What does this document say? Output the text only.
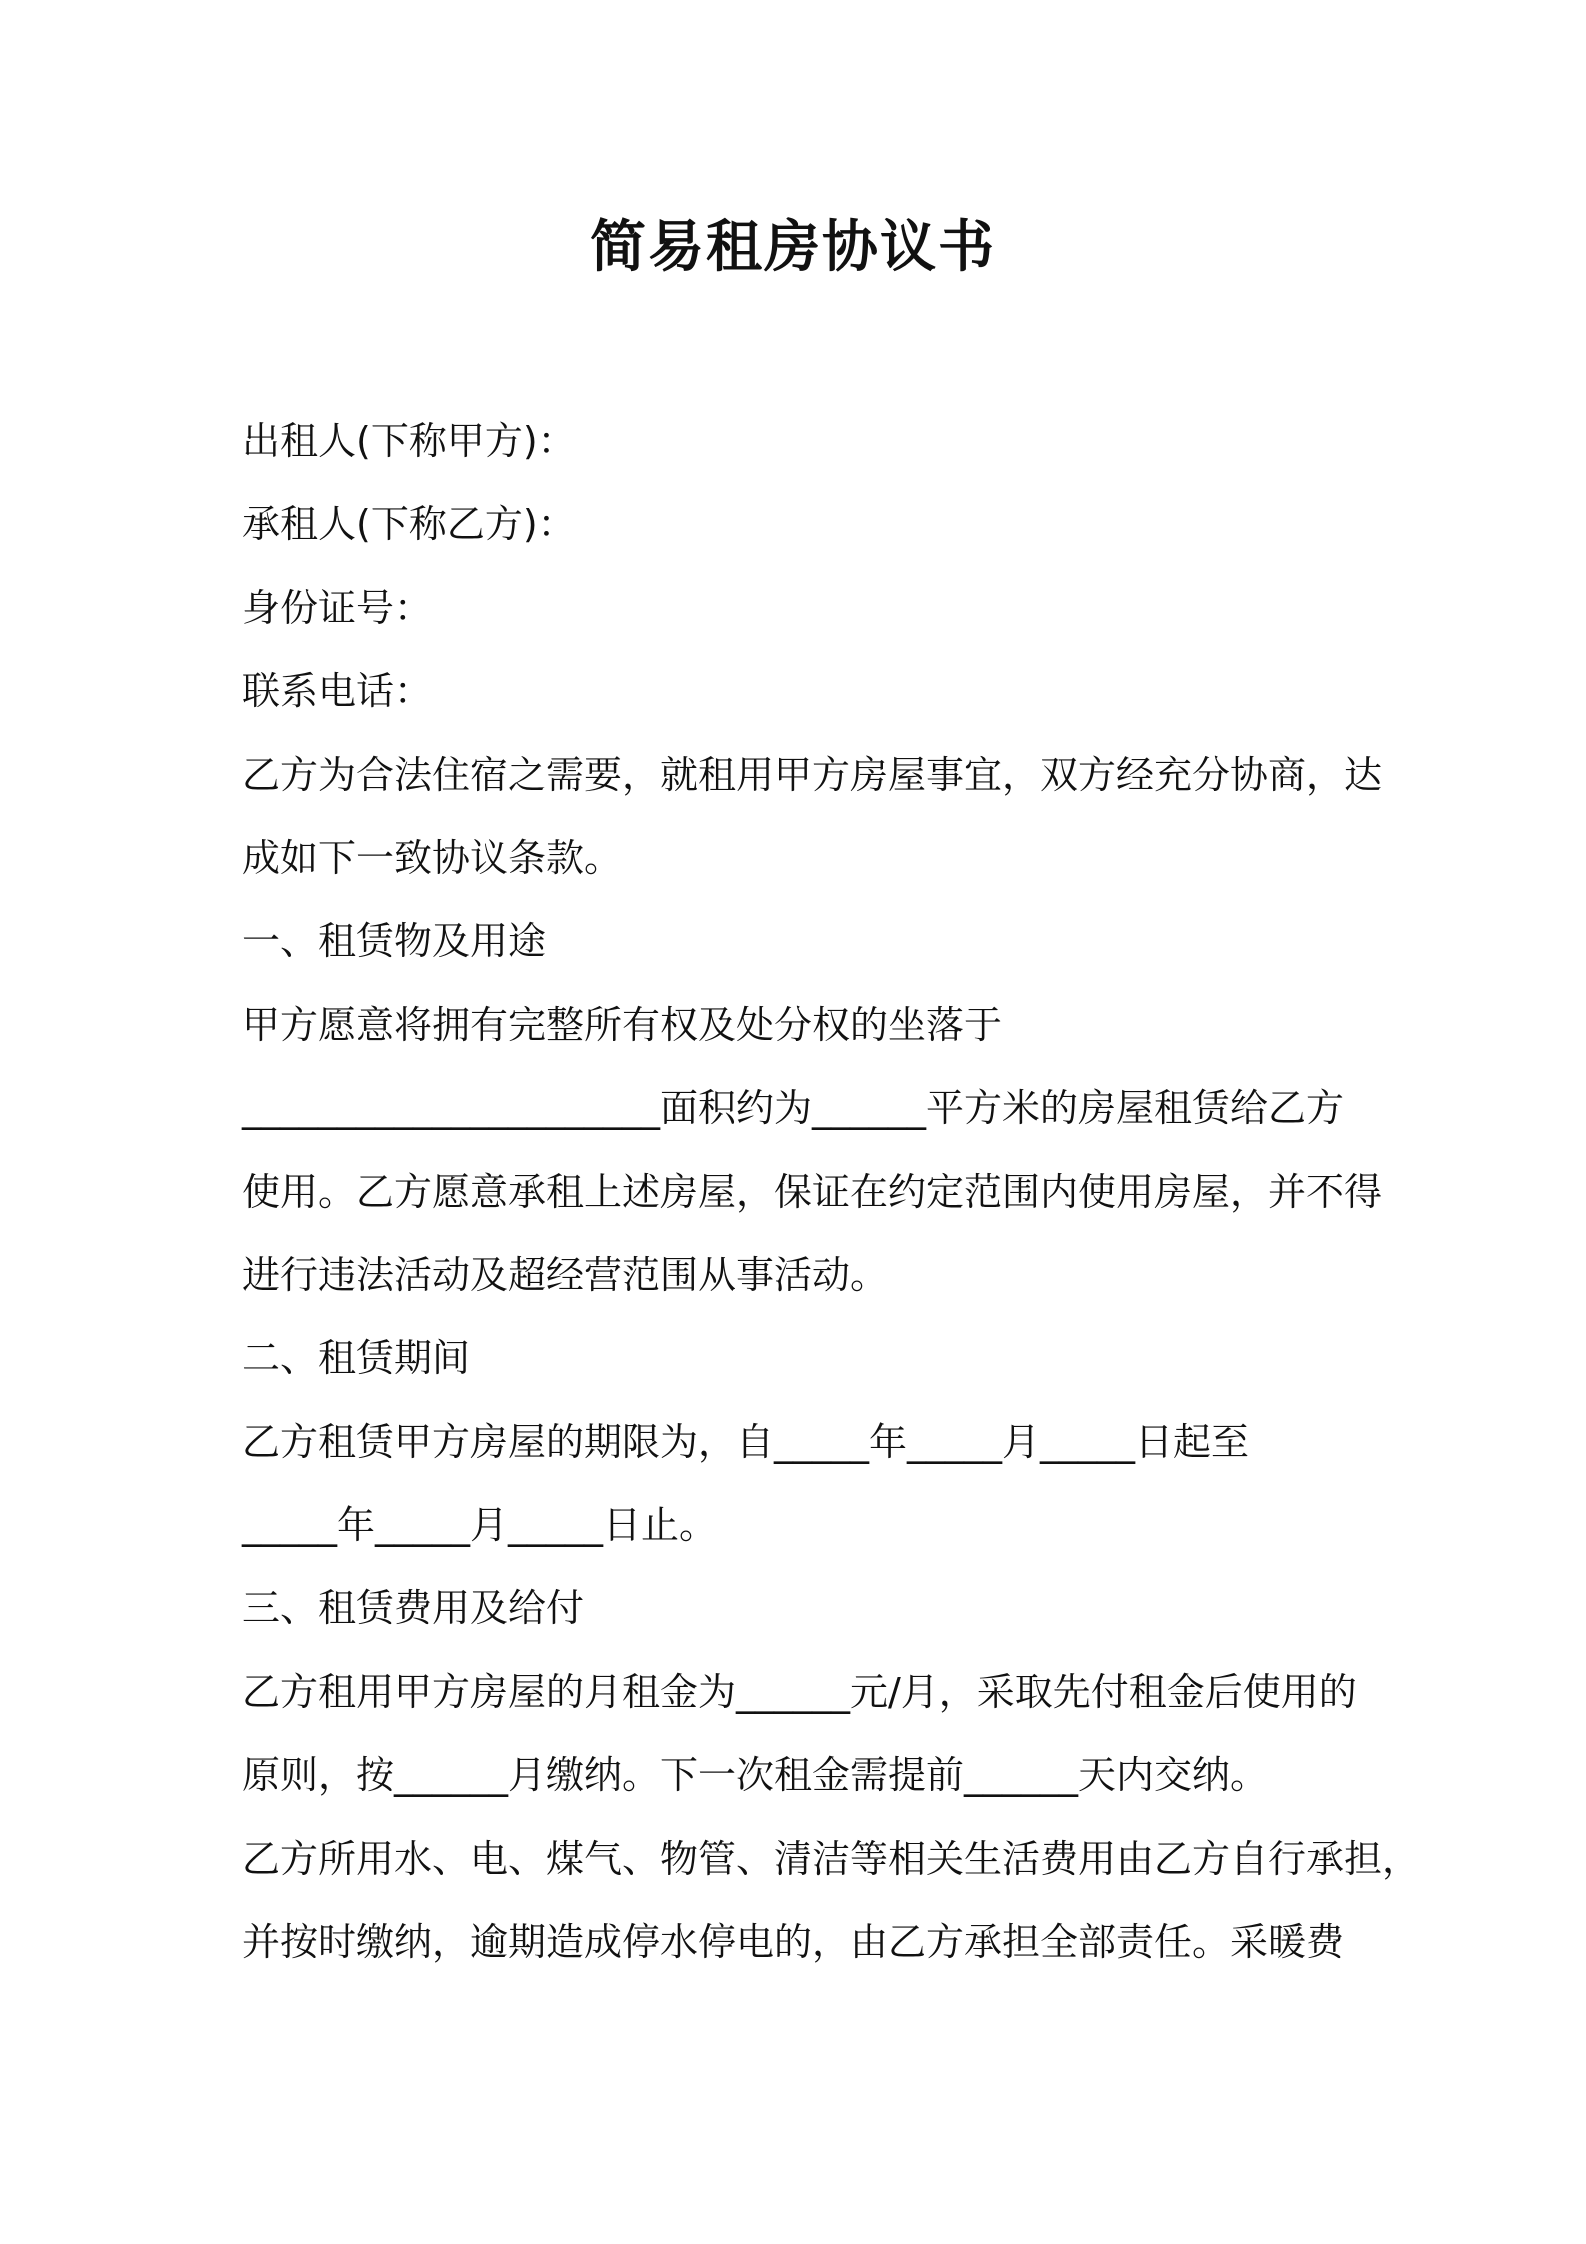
简易租房协议书

出租人(下称甲方)：

承租人(下称乙方)：

身份证号：

联系电话：

乙方为合法住宿之需要，就租用甲方房屋事宜，双方经充分协商，达

成如下一致协议条款。

一、租赁物及用途

甲方愿意将拥有完整所有权及处分权的坐落于

______________________面积约为______平方米的房屋租赁给乙方

使用。乙方愿意承租上述房屋，保证在约定范围内使用房屋，并不得

进行违法活动及超经营范围从事活动。

二、租赁期间

乙方租赁甲方房屋的期限为，自_____年_____月_____日起至

_____年_____月_____日止。

三、租赁费用及给付

乙方租用甲方房屋的月租金为______元/月，采取先付租金后使用的

原则，按______月缴纳。下一次租金需提前______天内交纳。

乙方所用水、电、煤气、物管、清洁等相关生活费用由乙方自行承担，

并按时缴纳，逾期造成停水停电的，由乙方承担全部责任。采暖费
